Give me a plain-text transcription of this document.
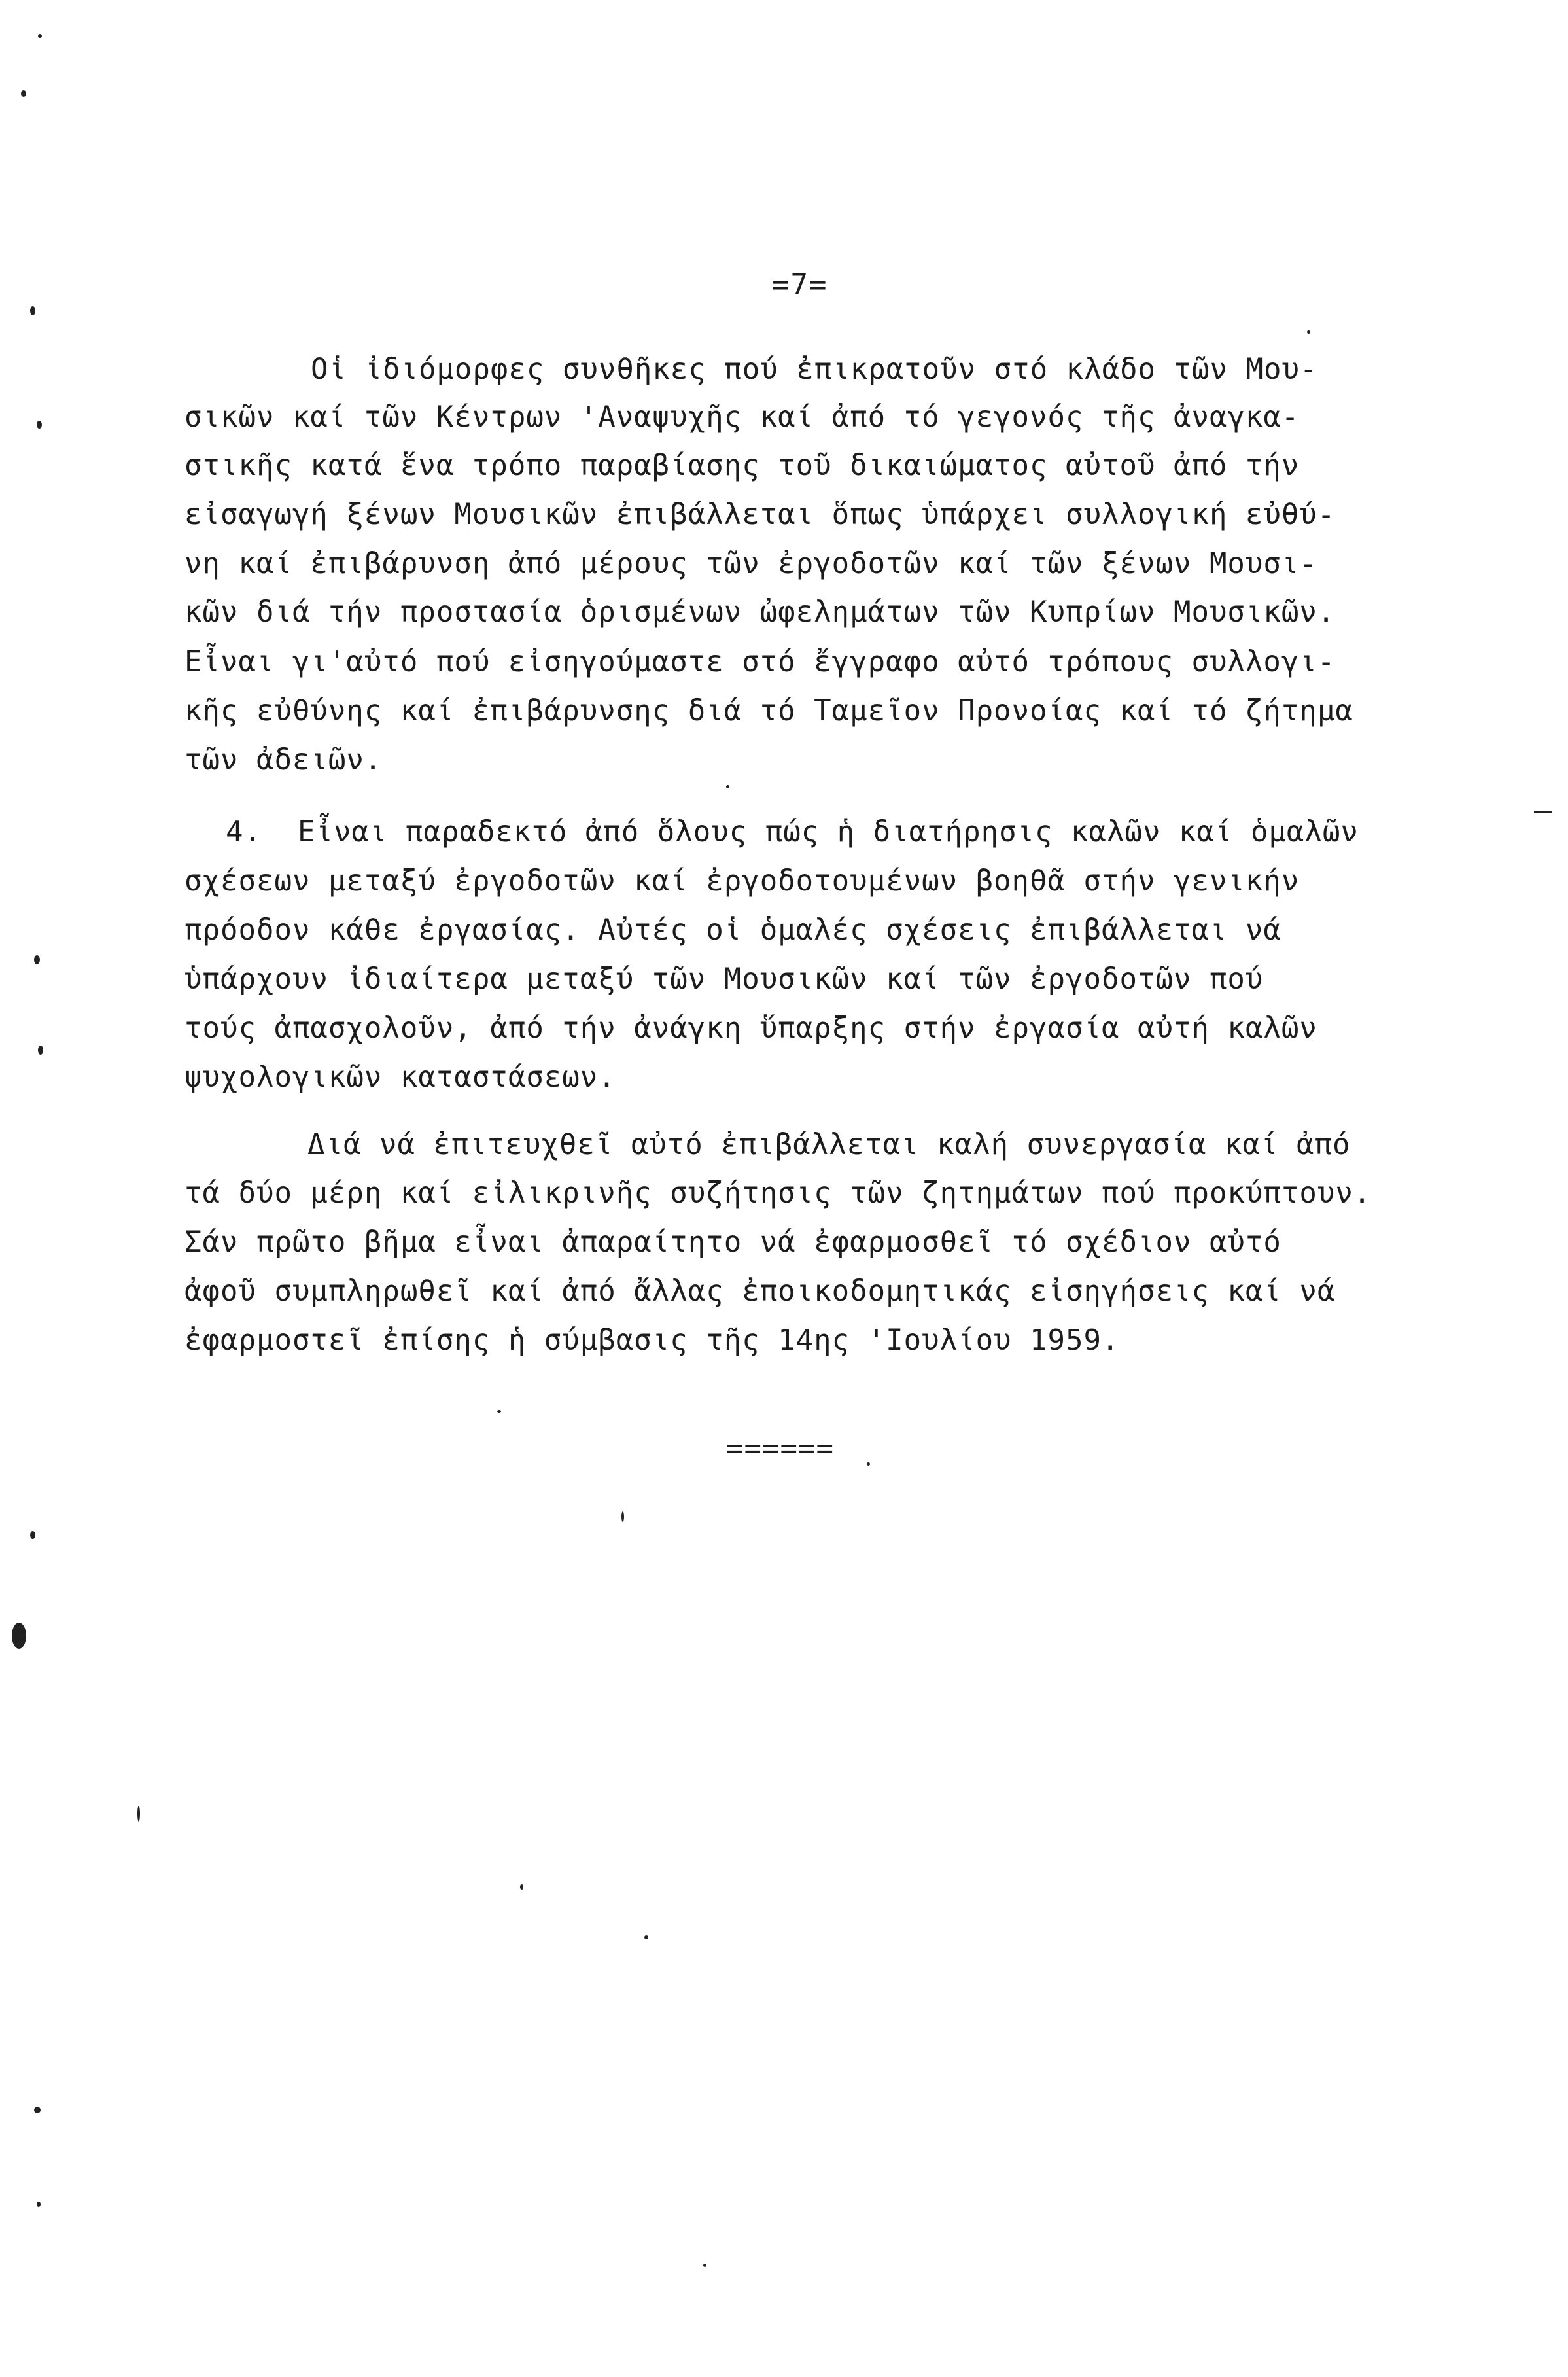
=7=
Οἱ ἰδιόμορφες συνθῆκες πού ἐπικρατοῦν στό κλάδο τῶν Μου-
σικῶν καί τῶν Κέντρων 'Αναψυχῆς καί ἀπό τό γεγονός τῆς ἀναγκα-
στικῆς κατά ἕνα τρόπο παραβίασης τοῦ δικαιώματος αὐτοῦ ἀπό τήν
εἰσαγωγή ξένων Μουσικῶν ἐπιβάλλεται ὅπως ὑπάρχει συλλογική εὐθύ-
νη καί ἐπιβάρυνση ἀπό μέρους τῶν ἐργοδοτῶν καί τῶν ξένων Μουσι-
κῶν διά τήν προστασία ὁρισμένων ὠφελημάτων τῶν Κυπρίων Μουσικῶν.
Εἶναι γι'αὐτό πού εἰσηγούμαστε στό ἔγγραφο αὐτό τρόπους συλλογι-
κῆς εὐθύνης καί ἐπιβάρυνσης διά τό Ταμεῖον Προνοίας καί τό ζήτημα
τῶν ἀδειῶν.
4.  Εἶναι παραδεκτό ἀπό ὅλους πώς ἡ διατήρησις καλῶν καί ὁμαλῶν
σχέσεων μεταξύ ἐργοδοτῶν καί ἐργοδοτουμένων βοηθᾶ στήν γενικήν
πρόοδον κάθε ἐργασίας. Αὐτές οἱ ὁμαλές σχέσεις ἐπιβάλλεται νά
ὑπάρχουν ἰδιαίτερα μεταξύ τῶν Μουσικῶν καί τῶν ἐργοδοτῶν πού
τούς ἀπασχολοῦν, ἀπό τήν ἀνάγκη ὕπαρξης στήν ἐργασία αὐτή καλῶν
ψυχολογικῶν καταστάσεων.
Διά νά ἐπιτευχθεῖ αὐτό ἐπιβάλλεται καλή συνεργασία καί ἀπό
τά δύο μέρη καί εἰλικρινῆς συζήτησις τῶν ζητημάτων πού προκύπτουν.
Σάν πρῶτο βῆμα εἶναι ἀπαραίτητο νά ἐφαρμοσθεῖ τό σχέδιον αὐτό
ἀφοῦ συμπληρωθεῖ καί ἀπό ἄλλας ἐποικοδομητικάς εἰσηγήσεις καί νά
ἐφαρμοστεῖ ἐπίσης ἡ σύμβασις τῆς 14ης 'Ιουλίου 1959.
======
